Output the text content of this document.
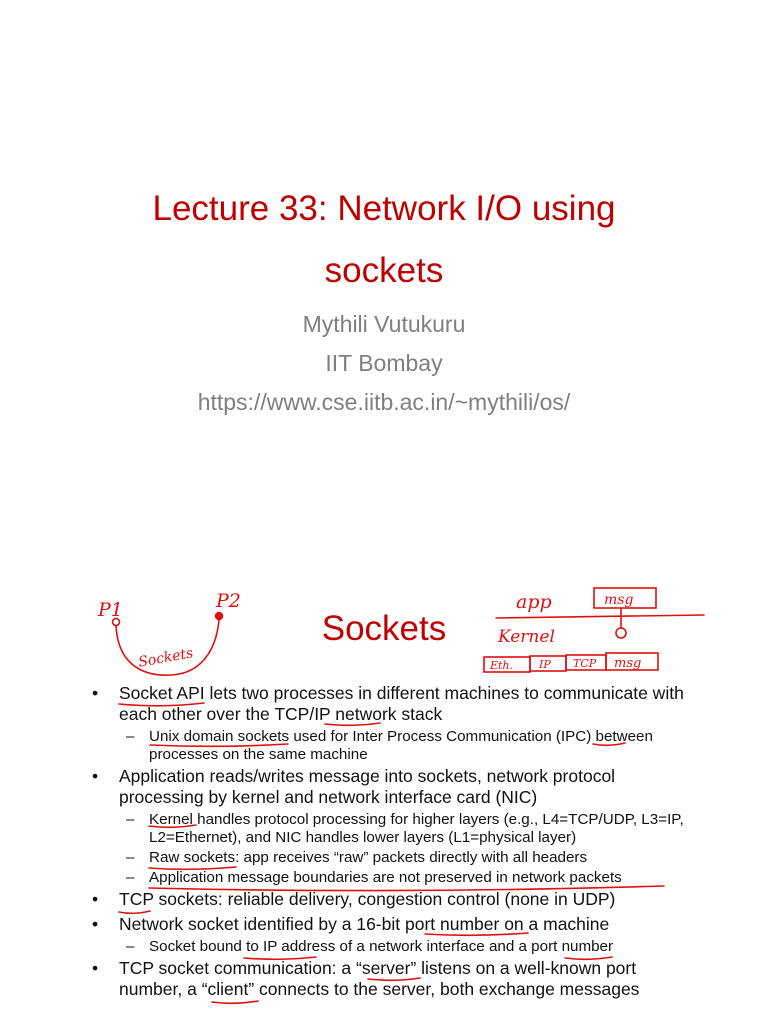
Lecture 33: Network I/O using
sockets
Mythili Vutukuru
IIT Bombay
https://www.cse.iitb.ac.in/~mythili/os/
Sockets
P1	P2
Sockets
app	msg
Kernel
Eth. IP TCP msg
• Socket API lets two processes in different machines to communicate with each other over the TCP/IP network stack
– Unix domain sockets used for Inter Process Communication (IPC) between processes on the same machine
• Application reads/writes message into sockets, network protocol processing by kernel and network interface card (NIC)
– Kernel handles protocol processing for higher layers (e.g., L4=TCP/UDP, L3=IP, L2=Ethernet), and NIC handles lower layers (L1=physical layer)
– Raw sockets: app receives “raw” packets directly with all headers
– Application message boundaries are not preserved in network packets
• TCP sockets: reliable delivery, congestion control (none in UDP)
• Network socket identified by a 16-bit port number on a machine
– Socket bound to IP address of a network interface and a port number
• TCP socket communication: a “server” listens on a well-known port number, a “client” connects to the server, both exchange messages
